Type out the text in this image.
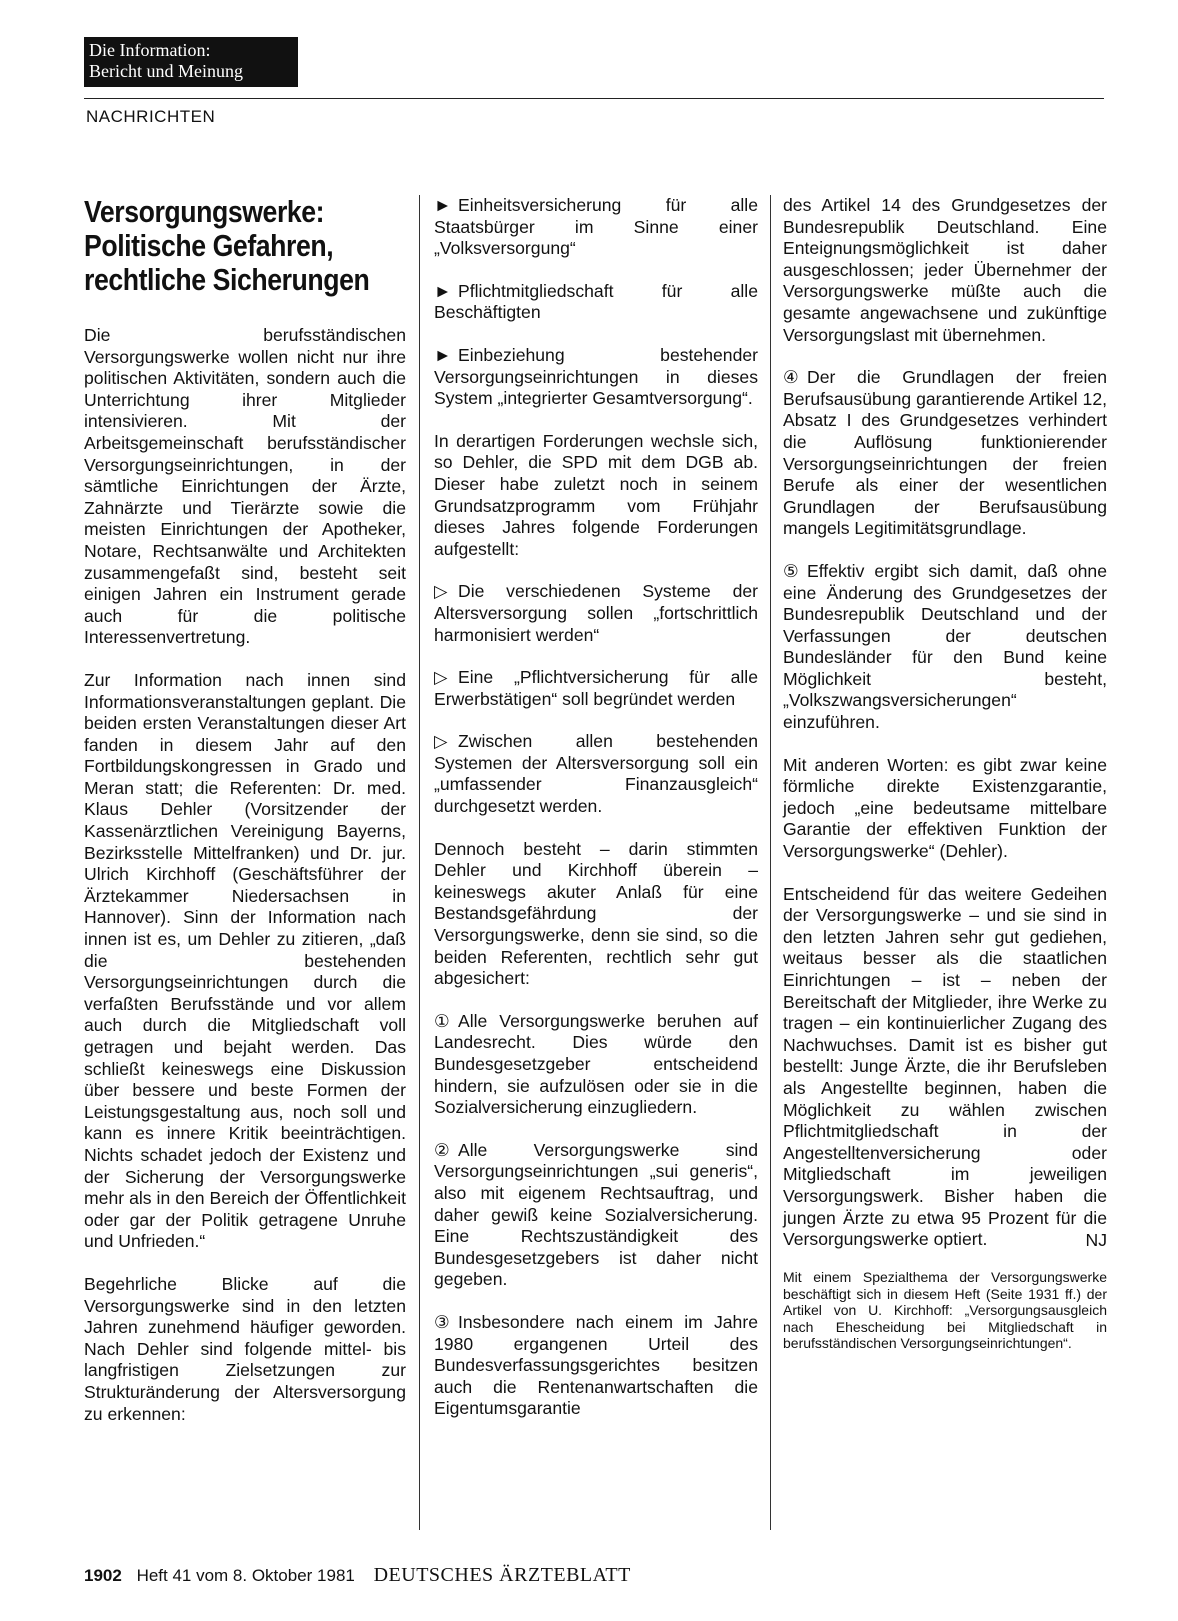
Die Information:
Bericht und Meinung
NACHRICHTEN
Versorgungswerke:
Politische Gefahren,
rechtliche Sicherungen

Die berufsständischen Versorgungswerke wollen nicht nur ihre politischen Aktivitäten, sondern auch die Unterrichtung ihrer Mitglieder intensivieren. Mit der Arbeitsgemeinschaft berufsständischer Versorgungseinrichtungen, in der sämtliche Einrichtungen der Ärzte, Zahnärzte und Tierärzte sowie die meisten Einrichtungen der Apotheker, Notare, Rechtsanwälte und Architekten zusammengefaßt sind, besteht seit einigen Jahren ein Instrument gerade auch für die politische Interessenvertretung.

Zur Information nach innen sind Informationsveranstaltungen geplant. Die beiden ersten Veranstaltungen dieser Art fanden in diesem Jahr auf den Fortbildungskongressen in Grado und Meran statt; die Referenten: Dr. med. Klaus Dehler (Vorsitzender der Kassenärztlichen Vereinigung Bayerns, Bezirksstelle Mittelfranken) und Dr. jur. Ulrich Kirchhoff (Geschäftsführer der Ärztekammer Niedersachsen in Hannover). Sinn der Information nach innen ist es, um Dehler zu zitieren, „daß die bestehenden Versorgungseinrichtungen durch die verfaßten Berufsstände und vor allem auch durch die Mitgliedschaft voll getragen und bejaht werden. Das schließt keineswegs eine Diskussion über bessere und beste Formen der Leistungsgestaltung aus, noch soll und kann es innere Kritik beeinträchtigen. Nichts schadet jedoch der Existenz und der Sicherung der Versorgungswerke mehr als in den Bereich der Öffentlichkeit oder gar der Politik getragene Unruhe und Unfrieden.“

Begehrliche Blicke auf die Versorgungswerke sind in den letzten Jahren zunehmend häufiger geworden. Nach Dehler sind folgende mittel- bis langfristigen Zielsetzungen zur Strukturänderung der Altersversorgung zu erkennen:

► Einheitsversicherung für alle Staatsbürger im Sinne einer „Volksversorgung“
► Pflichtmitgliedschaft für alle Beschäftigten
► Einbeziehung bestehender Versorgungseinrichtungen in dieses System „integrierter Gesamtversorgung“.

In derartigen Forderungen wechsle sich, so Dehler, die SPD mit dem DGB ab. Dieser habe zuletzt noch in seinem Grundsatzprogramm vom Frühjahr dieses Jahres folgende Forderungen aufgestellt:

▷ Die verschiedenen Systeme der Altersversorgung sollen „fortschrittlich harmonisiert werden“
▷ Eine „Pflichtversicherung für alle Erwerbstätigen“ soll begründet werden
▷ Zwischen allen bestehenden Systemen der Altersversorgung soll ein „umfassender Finanzausgleich“ durchgesetzt werden.

Dennoch besteht – darin stimmten Dehler und Kirchhoff überein – keineswegs akuter Anlaß für eine Bestandsgefährdung der Versorgungswerke, denn sie sind, so die beiden Referenten, rechtlich sehr gut abgesichert:

① Alle Versorgungswerke beruhen auf Landesrecht. Dies würde den Bundesgesetzgeber entscheidend hindern, sie aufzulösen oder sie in die Sozialversicherung einzugliedern.
② Alle Versorgungswerke sind Versorgungseinrichtungen „sui generis“, also mit eigenem Rechtsauftrag, und daher gewiß keine Sozialversicherung. Eine Rechtszuständigkeit des Bundesgesetzgebers ist daher nicht gegeben.
③ Insbesondere nach einem im Jahre 1980 ergangenen Urteil des Bundesverfassungsgerichtes besitzen auch die Rentenanwartschaften die Eigentumsgarantie

des Artikel 14 des Grundgesetzes der Bundesrepublik Deutschland. Eine Enteignungsmöglichkeit ist daher ausgeschlossen; jeder Übernehmer der Versorgungswerke müßte auch die gesamte angewachsene und zukünftige Versorgungslast mit übernehmen.

④ Der die Grundlagen der freien Berufsausübung garantierende Artikel 12, Absatz I des Grundgesetzes verhindert die Auflösung funktionierender Versorgungseinrichtungen der freien Berufe als einer der wesentlichen Grundlagen der Berufsausübung mangels Legitimitätsgrundlage.
⑤ Effektiv ergibt sich damit, daß ohne eine Änderung des Grundgesetzes der Bundesrepublik Deutschland und der Verfassungen der deutschen Bundesländer für den Bund keine Möglichkeit besteht, „Volkszwangsversicherungen“ einzuführen.

Mit anderen Worten: es gibt zwar keine förmliche direkte Existenzgarantie, jedoch „eine bedeutsame mittelbare Garantie der effektiven Funktion der Versorgungswerke“ (Dehler).

Entscheidend für das weitere Gedeihen der Versorgungswerke – und sie sind in den letzten Jahren sehr gut gediehen, weitaus besser als die staatlichen Einrichtungen – ist – neben der Bereitschaft der Mitglieder, ihre Werke zu tragen – ein kontinuierlicher Zugang des Nachwuchses. Damit ist es bisher gut bestellt: Junge Ärzte, die ihr Berufsleben als Angestellte beginnen, haben die Möglichkeit zu wählen zwischen Pflichtmitgliedschaft in der Angestelltenversicherung oder Mitgliedschaft im jeweiligen Versorgungswerk. Bisher haben die jungen Ärzte zu etwa 95 Prozent für die Versorgungswerke optiert.	NJ
Mit einem Spezialthema der Versorgungswerke beschäftigt sich in diesem Heft (Seite 1931 ff.) der Artikel von U. Kirchhoff: „Versorgungsausgleich nach Ehescheidung bei Mitgliedschaft in berufsständischen Versorgungseinrichtungen“.
1902 Heft 41 vom 8. Oktober 1981 DEUTSCHES ÄRZTEBLATT
